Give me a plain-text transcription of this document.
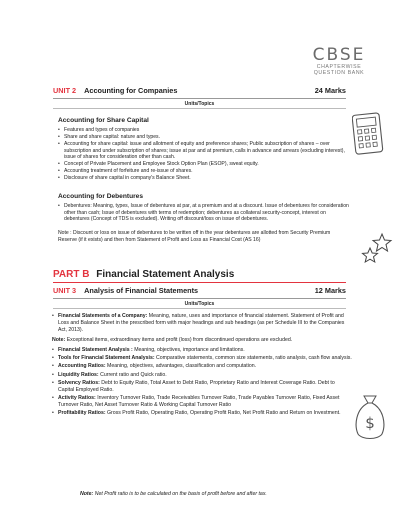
CBSE
CHAPTERWISE
QUESTION BANK
UNIT 2 Accounting for Companies	24 Marks
Units/Topics
Accounting for Share Capital
• Features and types of companies
• Share and share capital: nature and types.
• Accounting for share capital: issue and allotment of equity and preference shares; Public subscription of shares – over subscription and under subscription of shares; issue at par and at premium, calls in advance and arrears (excluding interest), issue of shares for consideration other than cash.
• Concept of Private Placement and Employee Stock Option Plan (ESOP), sweat equity.
• Accounting treatment of forfeiture and re-issue of shares.
• Disclosure of share capital in company's Balance Sheet.
Accounting for Debentures
• Debentures: Meaning, types, Issue of debentures at par, at a premium and at a discount. Issue of debentures for consideration other than cash; Issue of debentures with terms of redemption; debentures as collateral security-concept, interest on debentures (Concept of TDS is excluded). Writing off discount/loss on issue of debentures.
Note : Discount or loss on issue of debentures to be written off in the year debentures are allotted from Security Premium Reserve (if it exists) and then from Statement of Profit and Loss as Financial Cost (AS 16)
PART B Financial Statement Analysis
UNIT 3 Analysis of Financial Statements	12 Marks
Units/Topics
• Financial Statements of a Company: Meaning, nature, uses and importance of financial statement. Statement of Profit and Loss and Balance Sheet in the prescribed form with major headings and sub headings (as per Schedule III to the Companies Act, 2013).
Note: Exceptional items, extraordinary items and profit (loss) from discontinued operations are excluded.
• Financial Statement Analysis : Meaning, objectives, importance and limitations.
• Tools for Financial Statement Analysis: Comparative statements, common size statements, ratio analysis, cash flow analysis.
• Accounting Ratios: Meaning, objectives, advantages, classification and computation.
• Liquidity Ratios: Current ratio and Quick ratio.
• Solvency Ratios: Debt to Equity Ratio, Total Asset to Debt Ratio, Proprietary Ratio and Interest Coverage Ratio. Debt to Capital Employed Ratio.
• Activity Ratios: Inventory Turnover Ratio, Trade Receivables Turnover Ratio, Trade Payables Turnover Ratio, Fixed Asset Turnover Ratio, Net Asset Turnover Ratio & Working Capital Turnover Ratio
• Profitability Ratios: Gross Profit Ratio, Operating Ratio, Operating Profit Ratio, Net Profit Ratio and Return on Investment.
Note: Net Profit ratio is to be calculated on the basis of profit before and after tax.
$
